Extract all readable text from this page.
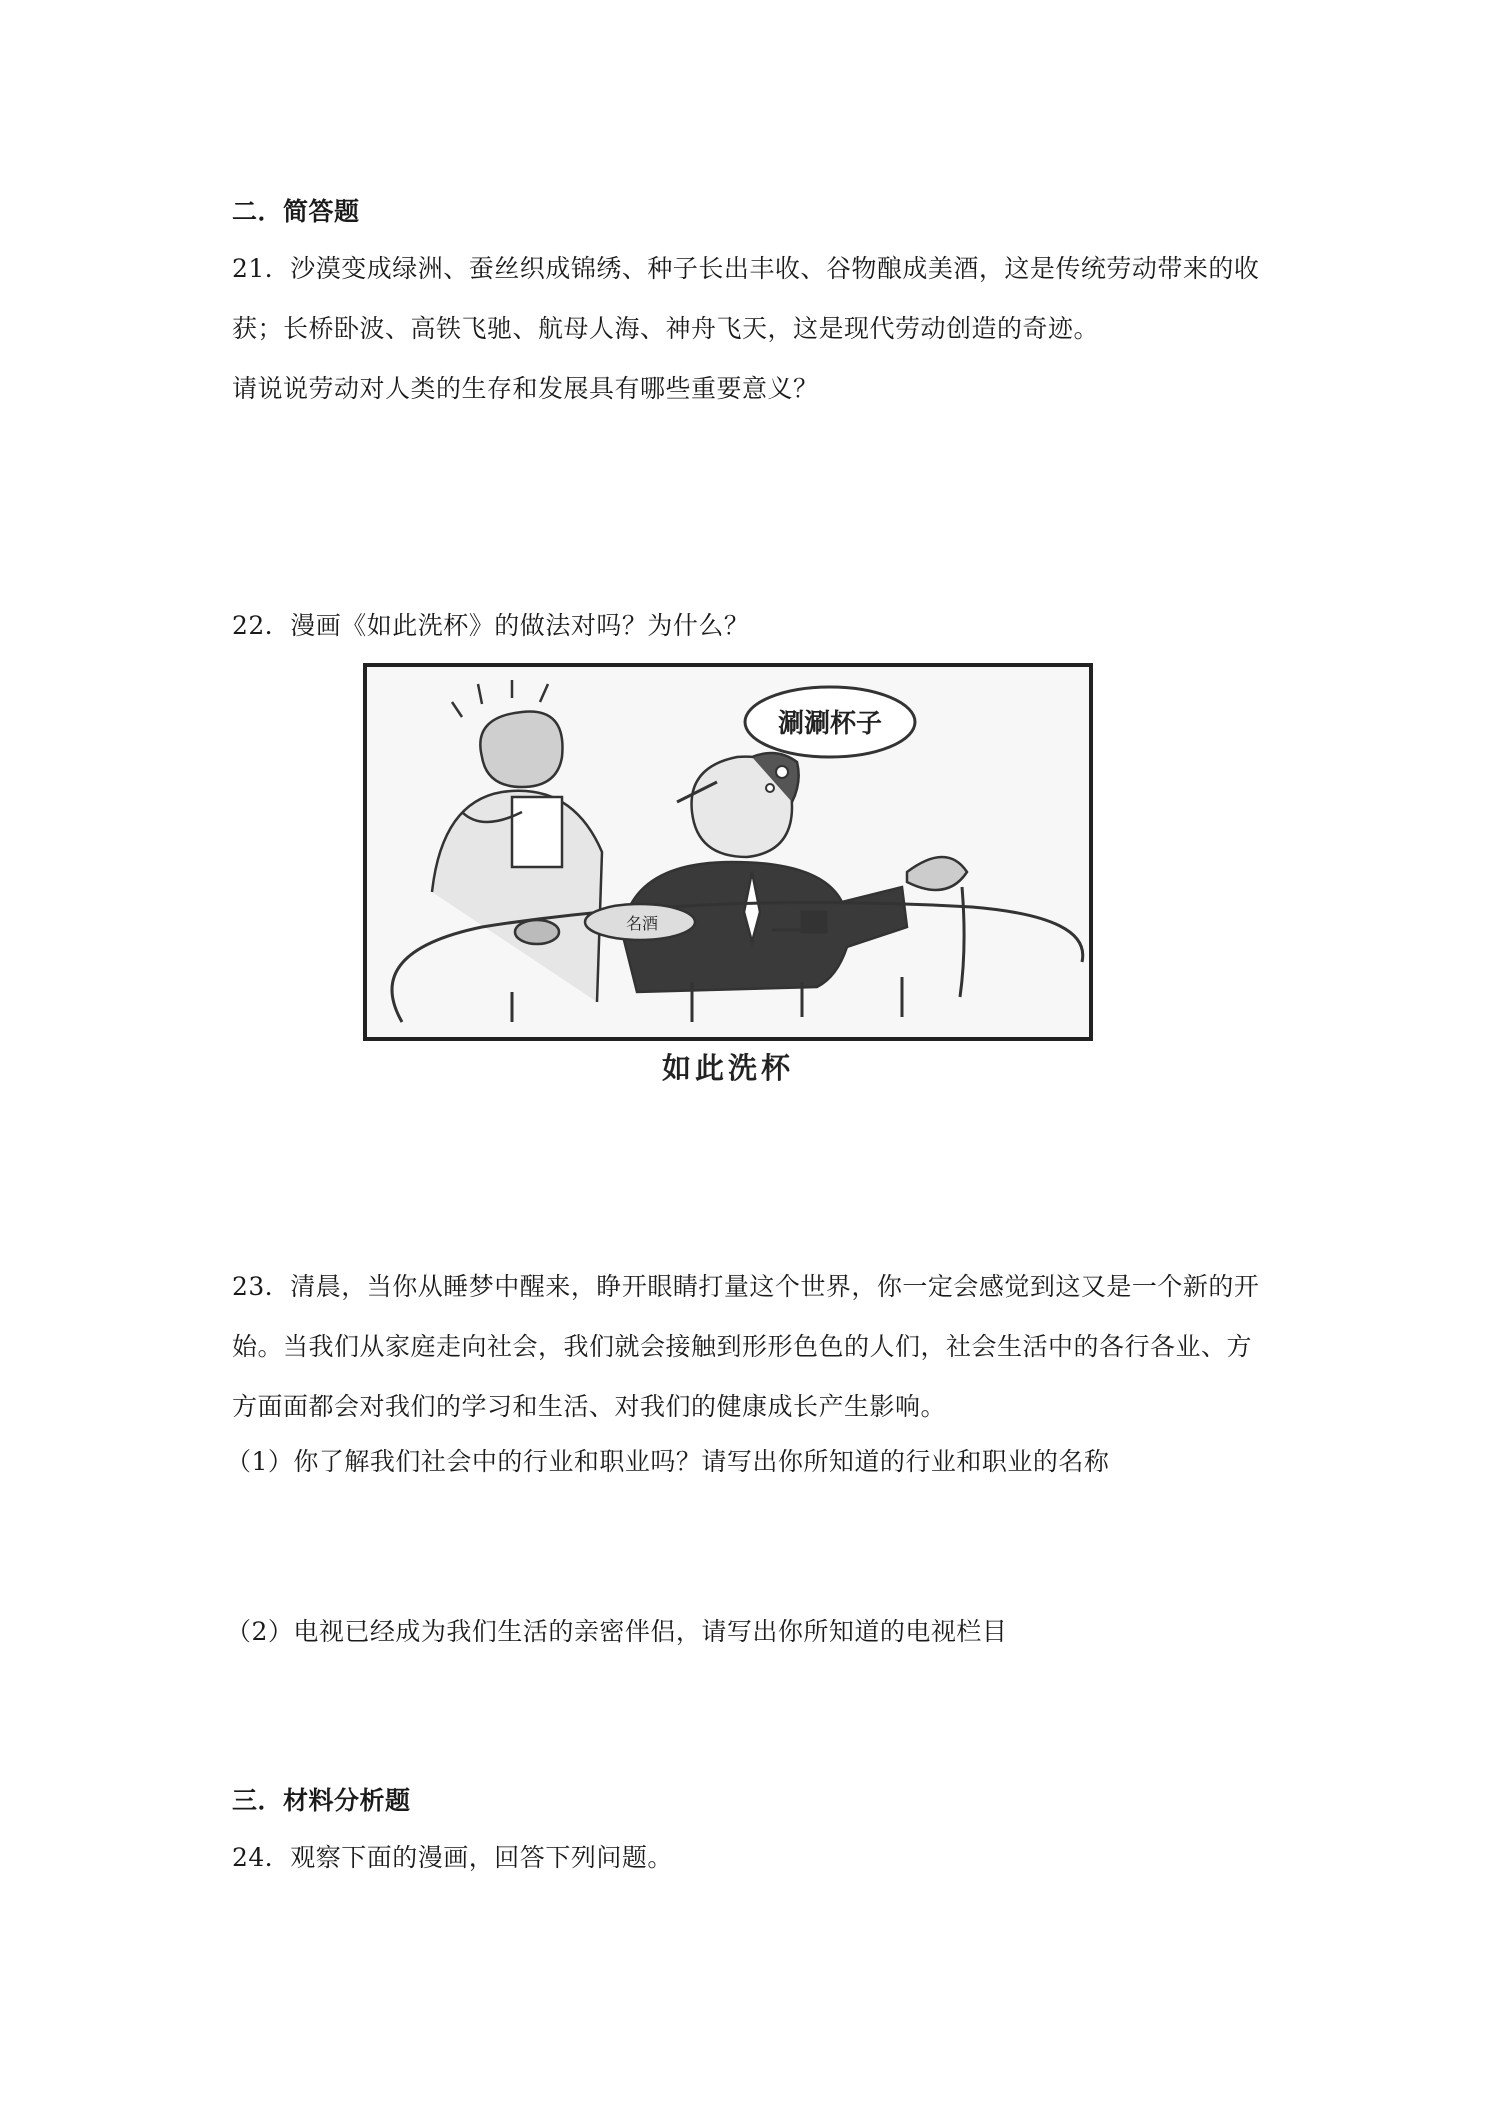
二．简答题
21．沙漠变成绿洲、蚕丝织成锦绣、种子长出丰收、谷物酿成美酒，这是传统劳动带来的收
获；长桥卧波、高铁飞驰、航母人海、神舟飞天，这是现代劳动创造的奇迹。
请说说劳动对人类的生存和发展具有哪些重要意义？
22．漫画《如此洗杯》的做法对吗？为什么？
涮涮杯子
名酒
如此洗杯
23．清晨，当你从睡梦中醒来，睁开眼睛打量这个世界，你一定会感觉到这又是一个新的开
始。当我们从家庭走向社会，我们就会接触到形形色色的人们，社会生活中的各行各业、方
方面面都会对我们的学习和生活、对我们的健康成长产生影响。
（1）你了解我们社会中的行业和职业吗？请写出你所知道的行业和职业的名称
（2）电视已经成为我们生活的亲密伴侣，请写出你所知道的电视栏目
三．材料分析题
24．观察下面的漫画，回答下列问题。
